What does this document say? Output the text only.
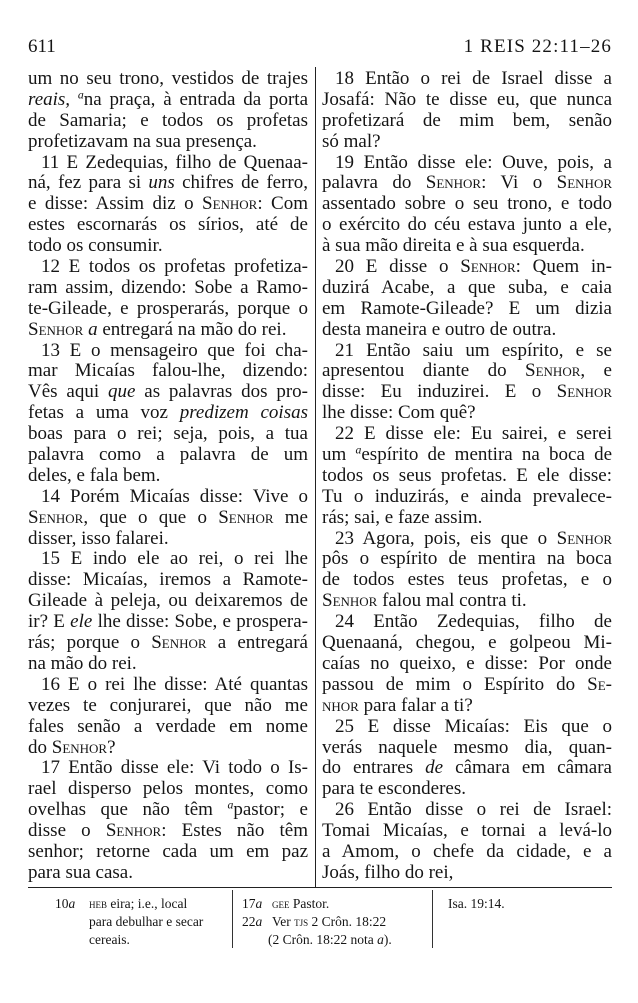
611	1 REIS 22:11–26
um no seu trono, vestidos de trajes
reais, $^a$na praça, à entrada da porta
de Samaria; e todos os profetas
profetizavam na sua presença.
11 E Zedequias, filho de Quenaa-
ná, fez para si uns chifres de ferro,
e disse: Assim diz o Senhor: Com
estes escornarás os sírios, até de
todo os consumir.
12 E todos os profetas profetiza-
ram assim, dizendo: Sobe a Ramo-
te-Gileade, e prosperarás, porque o
Senhor a entregará na mão do rei.
13 E o mensageiro que foi cha-
mar Micaías falou-lhe, dizendo:
Vês aqui que as palavras dos pro-
fetas a uma voz predizem coisas
boas para o rei; seja, pois, a tua
palavra como a palavra de um
deles, e fala bem.
14 Porém Micaías disse: Vive o
Senhor, que o que o Senhor me
disser, isso falarei.
15 E indo ele ao rei, o rei lhe
disse: Micaías, iremos a Ramote-
Gileade à peleja, ou deixaremos de
ir? E ele lhe disse: Sobe, e prospera-
rás; porque o Senhor a entregará
na mão do rei.
16 E o rei lhe disse: Até quantas
vezes te conjurarei, que não me
fales senão a verdade em nome
do Senhor?
17 Então disse ele: Vi todo o Is-
rael disperso pelos montes, como
ovelhas que não têm $^a$pastor; e
disse o Senhor: Estes não têm
senhor; retorne cada um em paz
para sua casa.
18 Então o rei de Israel disse a
Josafá: Não te disse eu, que nunca
profetizará de mim bem, senão
só mal?
19 Então disse ele: Ouve, pois, a
palavra do Senhor: Vi o Senhor
assentado sobre o seu trono, e todo
o exército do céu estava junto a ele,
à sua mão direita e à sua esquerda.
20 E disse o Senhor: Quem in-
duzirá Acabe, a que suba, e caia
em Ramote-Gileade? E um dizia
desta maneira e outro de outra.
21 Então saiu um espírito, e se
apresentou diante do Senhor, e
disse: Eu induzirei. E o Senhor
lhe disse: Com quê?
22 E disse ele: Eu sairei, e serei
um $^a$espírito de mentira na boca de
todos os seus profetas. E ele disse:
Tu o induzirás, e ainda prevalece-
rás; sai, e faze assim.
23 Agora, pois, eis que o Senhor
pôs o espírito de mentira na boca
de todos estes teus profetas, e o
Senhor falou mal contra ti.
24 Então Zedequias, filho de
Quenaaná, chegou, e golpeou Mi-
caías no queixo, e disse: Por onde
passou de mim o Espírito do Se-
nhor para falar a ti?
25 E disse Micaías: Eis que o
verás naquele mesmo dia, quan-
do entrares de câmara em câmara
para te esconderes.
26 Então disse o rei de Israel:
Tomai Micaías, e tornai a levá-lo
a Amom, o chefe da cidade, e a
Joás, filho do rei,
10a HEB eira; i.e., local
para debulhar e secar
cereais.
17a GEE Pastor.
22a Ver TJS 2 Crôn. 18:22
(2 Crôn. 18:22 nota a).
Isa. 19:14.
